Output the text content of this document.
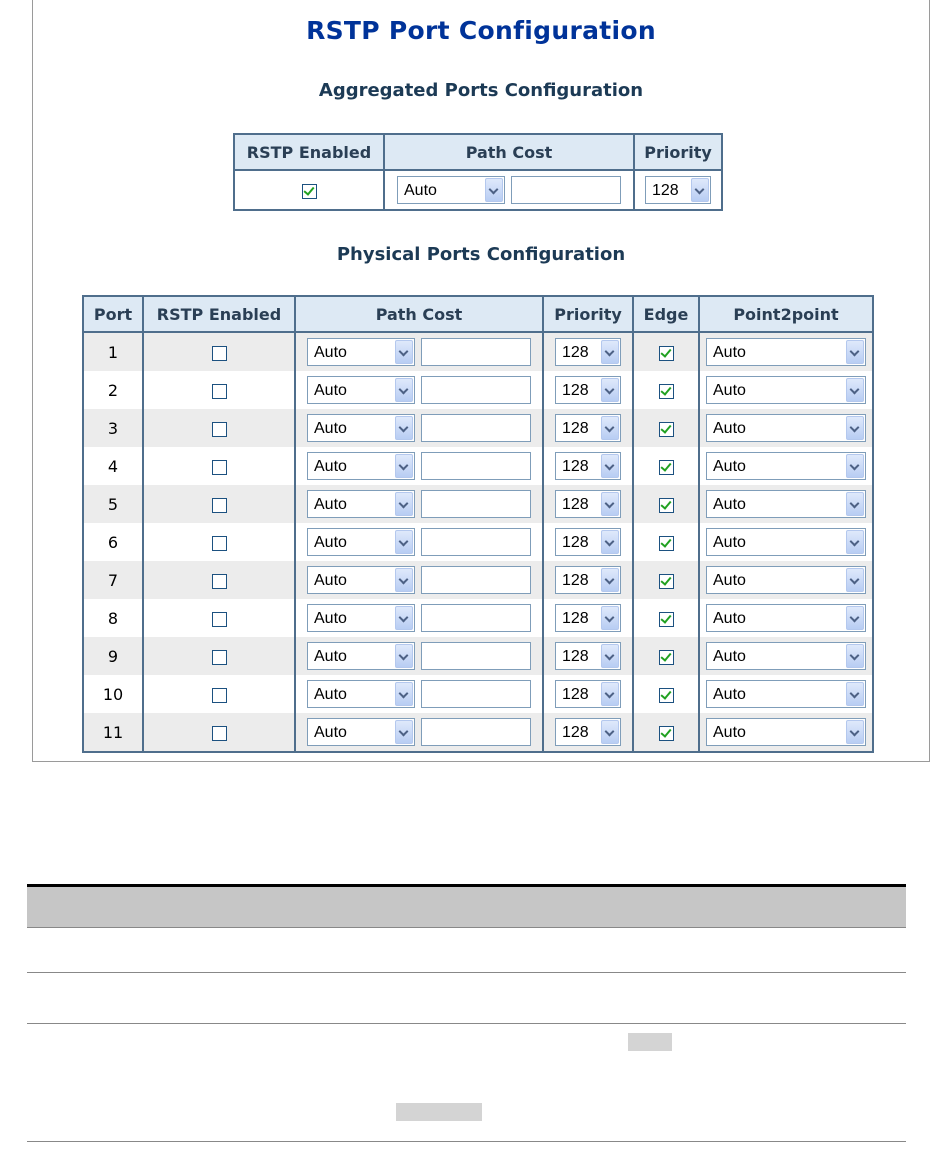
RSTP Port Configuration
Aggregated Ports Configuration
RSTP Enabled	Path Cost	Priority

	Auto	128
Physical Ports Configuration
Port	RSTP Enabled	Path Cost	Priority	Edge	Point2point
1		Auto	128		Auto

2		Auto	128		Auto

3		Auto	128		Auto

4		Auto	128		Auto

5		Auto	128		Auto

6		Auto	128		Auto

7		Auto	128		Auto

8		Auto	128		Auto

9		Auto	128		Auto

10		Auto	128		Auto

11		Auto	128		Auto
